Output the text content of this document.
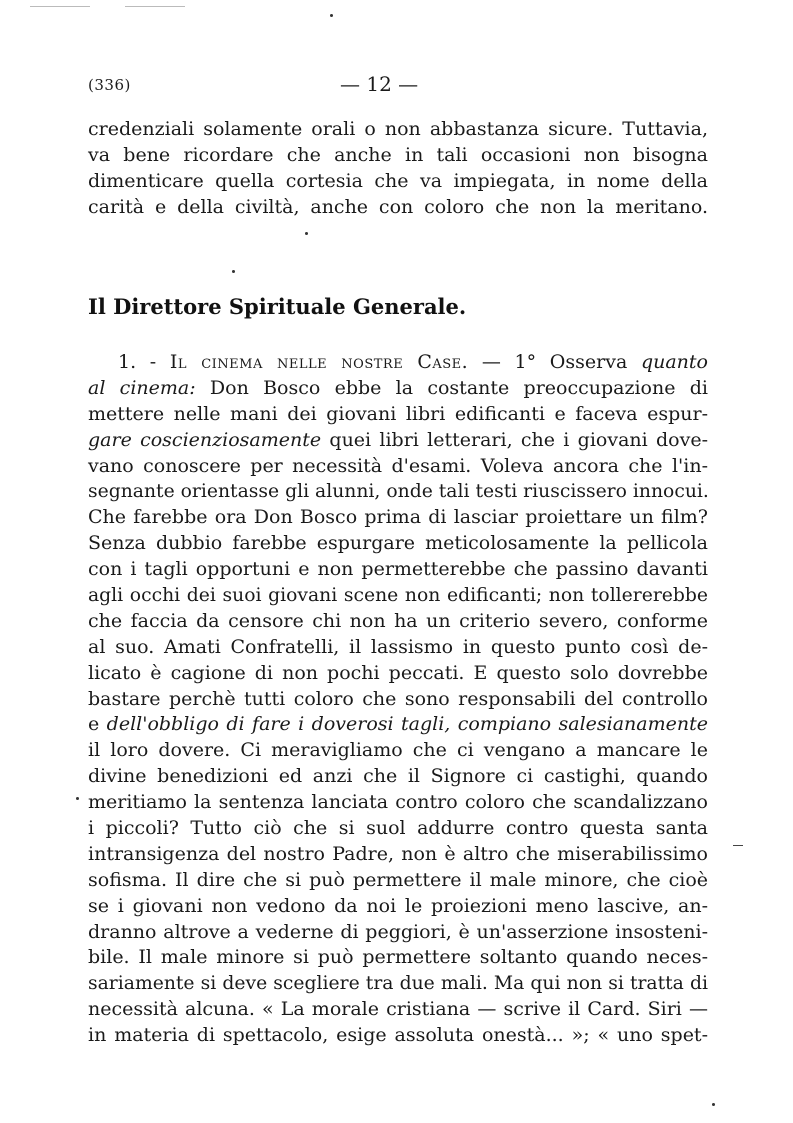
(336)	— 12 —
credenziali solamente orali o non abbastanza sicure. Tuttavia,
va bene ricordare che anche in tali occasioni non bisogna
dimenticare quella cortesia che va impiegata, in nome della
carità e della civiltà, anche con coloro che non la meritano.
Il Direttore Spirituale Generale.
1. - Il cinema nelle nostre Case. — 1° Osserva quanto
al cinema: Don Bosco ebbe la costante preoccupazione di
mettere nelle mani dei giovani libri edificanti e faceva espur-
gare coscienziosamente quei libri letterari, che i giovani dove-
vano conoscere per necessità d'esami. Voleva ancora che l'in-
segnante orientasse gli alunni, onde tali testi riuscissero innocui.
Che farebbe ora Don Bosco prima di lasciar proiettare un film?
Senza dubbio farebbe espurgare meticolosamente la pellicola
con i tagli opportuni e non permetterebbe che passino davanti
agli occhi dei suoi giovani scene non edificanti; non tollererebbe
che faccia da censore chi non ha un criterio severo, conforme
al suo. Amati Confratelli, il lassismo in questo punto così de-
licato è cagione di non pochi peccati. E questo solo dovrebbe
bastare perchè tutti coloro che sono responsabili del controllo
e dell'obbligo di fare i doverosi tagli, compiano salesianamente
il loro dovere. Ci meravigliamo che ci vengano a mancare le
divine benedizioni ed anzi che il Signore ci castighi, quando
meritiamo la sentenza lanciata contro coloro che scandalizzano
i piccoli? Tutto ciò che si suol addurre contro questa santa
intransigenza del nostro Padre, non è altro che miserabilissimo
sofisma. Il dire che si può permettere il male minore, che cioè
se i giovani non vedono da noi le proiezioni meno lascive, an-
dranno altrove a vederne di peggiori, è un'asserzione insosteni-
bile. Il male minore si può permettere soltanto quando neces-
sariamente si deve scegliere tra due mali. Ma qui non si tratta di
necessità alcuna. « La morale cristiana — scrive il Card. Siri —
in materia di spettacolo, esige assoluta onestà... »; « uno spet-
